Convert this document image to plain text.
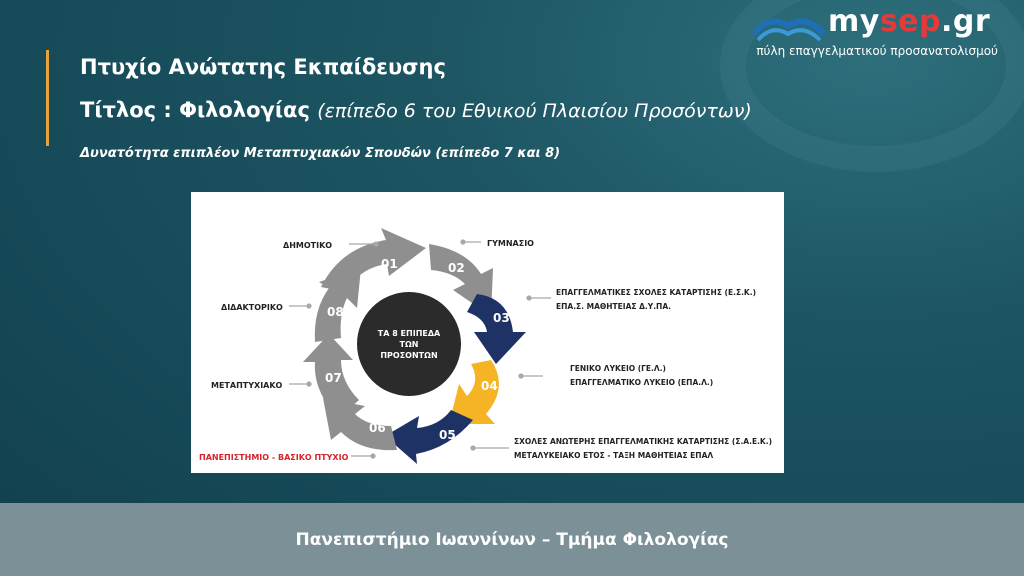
mysep.gr
πύλη επαγγελματικού προσανατολισμού
Πτυχίο Ανώτατης Εκπαίδευσης
Τίτλος : Φιλολογίας (επίπεδο 6 του Εθνικού Πλαισίου Προσόντων)
Δυνατότητα επιπλέον Μεταπτυχιακών Σπουδών (επίπεδο 7 και 8)
01	02
03
04
05
06
07
08
ΤΑ 8 ΕΠΙΠΕΔΑ
ΤΩΝ
ΠΡΟΣΟΝΤΩΝ
ΔΗΜΟΤΙΚΟ	ΓΥΜΝΑΣΙΟ
ΕΠΑΓΓΕΛΜΑΤΙΚΕΣ ΣΧΟΛΕΣ ΚΑΤΑΡΤΙΣΗΣ (Ε.Σ.Κ.)
ΕΠΑ.Σ. ΜΑΘΗΤΕΙΑΣ Δ.Υ.ΠΑ.
ΓΕΝΙΚΟ ΛΥΚΕΙΟ (ΓΕ.Λ.)
ΕΠΑΓΓΕΛΜΑΤΙΚΟ ΛΥΚΕΙΟ (ΕΠΑ.Λ.)
ΣΧΟΛΕΣ ΑΝΩΤΕΡΗΣ ΕΠΑΓΓΕΛΜΑΤΙΚΗΣ ΚΑΤΑΡΤΙΣΗΣ (Σ.Α.Ε.Κ.)
ΜΕΤΑΛΥΚΕΙΑΚΟ ΕΤΟΣ - ΤΑΞΗ ΜΑΘΗΤΕΙΑΣ ΕΠΑΛ
ΠΑΝΕΠΙΣΤΗΜΙΟ - ΒΑΣΙΚΟ ΠΤΥΧΙΟ
ΜΕΤΑΠΤΥΧΙΑΚΟ
ΔΙΔΑΚΤΟΡΙΚΟ
Πανεπιστήμιο Ιωαννίνων – Τμήμα Φιλολογίας
